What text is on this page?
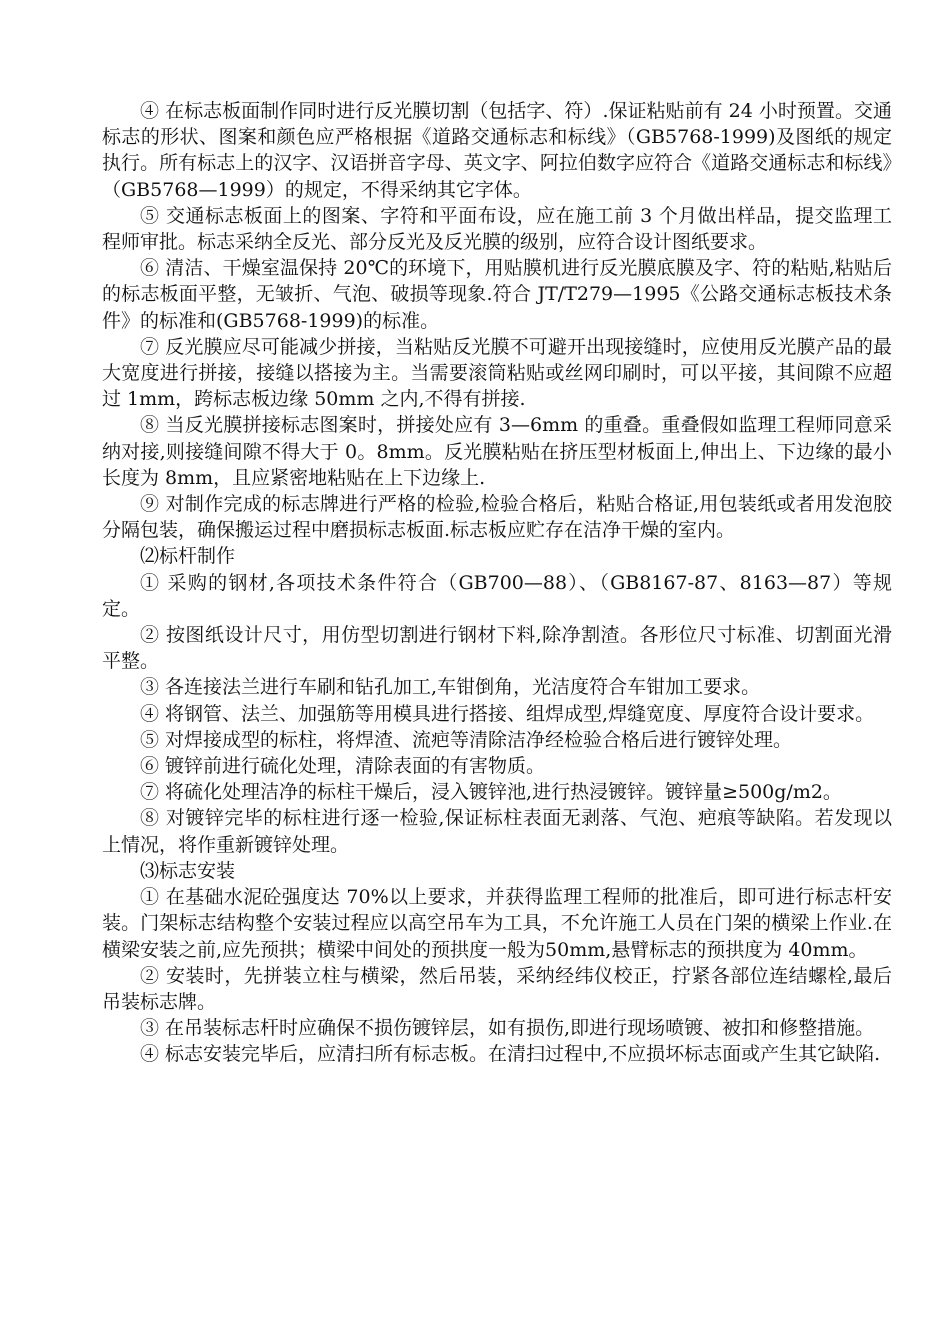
④ 在标志板面制作同时进行反光膜切割（包括字、符）.保证粘贴前有 24 小时预置。交通标志的形状、图案和颜色应严格根据《道路交通标志和标线》（GB5768-1999)及图纸的规定执行。所有标志上的汉字、汉语拼音字母、英文字、阿拉伯数字应符合《道路交通标志和标线》（GB5768—1999）的规定，不得采纳其它字体。

⑤ 交通标志板面上的图案、字符和平面布设，应在施工前 3 个月做出样品，提交监理工程师审批。标志采纳全反光、部分反光及反光膜的级别，应符合设计图纸要求。

⑥ 清洁、干燥室温保持 20℃的环境下，用贴膜机进行反光膜底膜及字、符的粘贴,粘贴后的标志板面平整，无皱折、气泡、破损等现象.符合 JT/T279—1995《公路交通标志板技术条件》的标准和(GB5768-1999)的标准。

⑦ 反光膜应尽可能减少拼接，当粘贴反光膜不可避开出现接缝时，应使用反光膜产品的最大宽度进行拼接，接缝以搭接为主。当需要滚筒粘贴或丝网印刷时，可以平接，其间隙不应超过 1mm，跨标志板边缘 50mm 之内,不得有拼接.

⑧ 当反光膜拼接标志图案时，拼接处应有 3—6mm 的重叠。重叠假如监理工程师同意采纳对接,则接缝间隙不得大于 0。8mm。反光膜粘贴在挤压型材板面上,伸出上、下边缘的最小长度为 8mm，且应紧密地粘贴在上下边缘上.

⑨ 对制作完成的标志牌进行严格的检验,检验合格后，粘贴合格证,用包装纸或者用发泡胶分隔包装，确保搬运过程中磨损标志板面.标志板应贮存在洁净干燥的室内。

⑵标杆制作

① 采购的钢材,各项技术条件符合（GB700—88）、（GB8167-87、8163—87）等规定。

② 按图纸设计尺寸，用仿型切割进行钢材下料,除净割渣。各形位尺寸标准、切割面光滑平整。

③ 各连接法兰进行车刷和钻孔加工,车钳倒角，光洁度符合车钳加工要求。

④ 将钢管、法兰、加强筋等用模具进行搭接、组焊成型,焊缝宽度、厚度符合设计要求。

⑤ 对焊接成型的标柱，将焊渣、流疤等清除洁净经检验合格后进行镀锌处理。

⑥ 镀锌前进行硫化处理，清除表面的有害物质。

⑦ 将硫化处理洁净的标柱干燥后，浸入镀锌池,进行热浸镀锌。镀锌量≥500g/m2。

⑧ 对镀锌完毕的标柱进行逐一检验,保证标柱表面无剥落、气泡、疤痕等缺陷。若发现以上情况，将作重新镀锌处理。

⑶标志安装

① 在基础水泥砼强度达 70%以上要求，并获得监理工程师的批准后，即可进行标志杆安装。门架标志结构整个安装过程应以高空吊车为工具，不允许施工人员在门架的横梁上作业.在横梁安装之前,应先预拱；横梁中间处的预拱度一般为50mm,悬臂标志的预拱度为 40mm。

② 安装时，先拼装立柱与横梁，然后吊装，采纳经纬仪校正，拧紧各部位连结螺栓,最后吊装标志牌。

③ 在吊装标志杆时应确保不损伤镀锌层，如有损伤,即进行现场喷镀、被扣和修整措施。

④ 标志安装完毕后，应清扫所有标志板。在清扫过程中,不应损坏标志面或产生其它缺陷.
